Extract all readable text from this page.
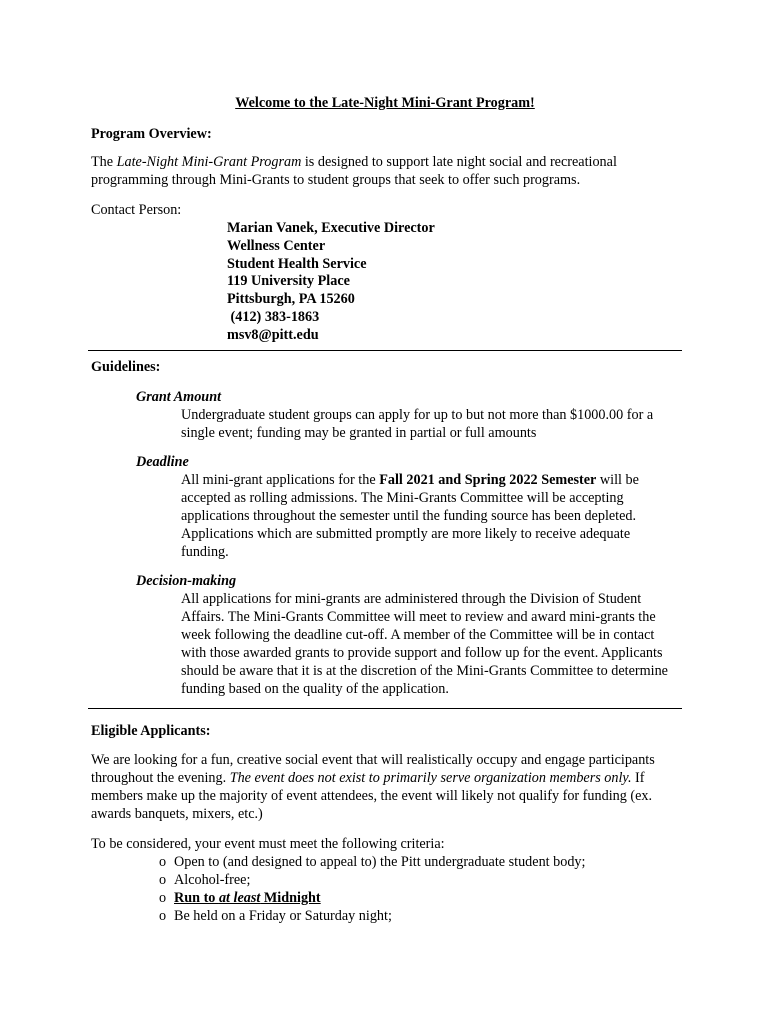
Welcome to the Late-Night Mini-Grant Program!
Program Overview:
The Late-Night Mini-Grant Program is designed to support late night social and recreational programming through Mini-Grants to student groups that seek to offer such programs.
Contact Person:
Marian Vanek, Executive Director
Wellness Center
Student Health Service
119 University Place
Pittsburgh, PA 15260
(412) 383-1863
msv8@pitt.edu
Guidelines:
Grant Amount
Undergraduate student groups can apply for up to but not more than $1000.00 for a single event; funding may be granted in partial or full amounts
Deadline
All mini-grant applications for the Fall 2021 and Spring 2022 Semester will be accepted as rolling admissions. The Mini-Grants Committee will be accepting applications throughout the semester until the funding source has been depleted. Applications which are submitted promptly are more likely to receive adequate funding.
Decision-making
All applications for mini-grants are administered through the Division of Student Affairs. The Mini-Grants Committee will meet to review and award mini-grants the week following the deadline cut-off. A member of the Committee will be in contact with those awarded grants to provide support and follow up for the event. Applicants should be aware that it is at the discretion of the Mini-Grants Committee to determine funding based on the quality of the application.
Eligible Applicants:
We are looking for a fun, creative social event that will realistically occupy and engage participants throughout the evening. The event does not exist to primarily serve organization members only. If members make up the majority of event attendees, the event will likely not qualify for funding (ex. awards banquets, mixers, etc.)
To be considered, your event must meet the following criteria:
o Open to (and designed to appeal to) the Pitt undergraduate student body;
o Alcohol-free;
o Run to at least Midnight
o Be held on a Friday or Saturday night;
